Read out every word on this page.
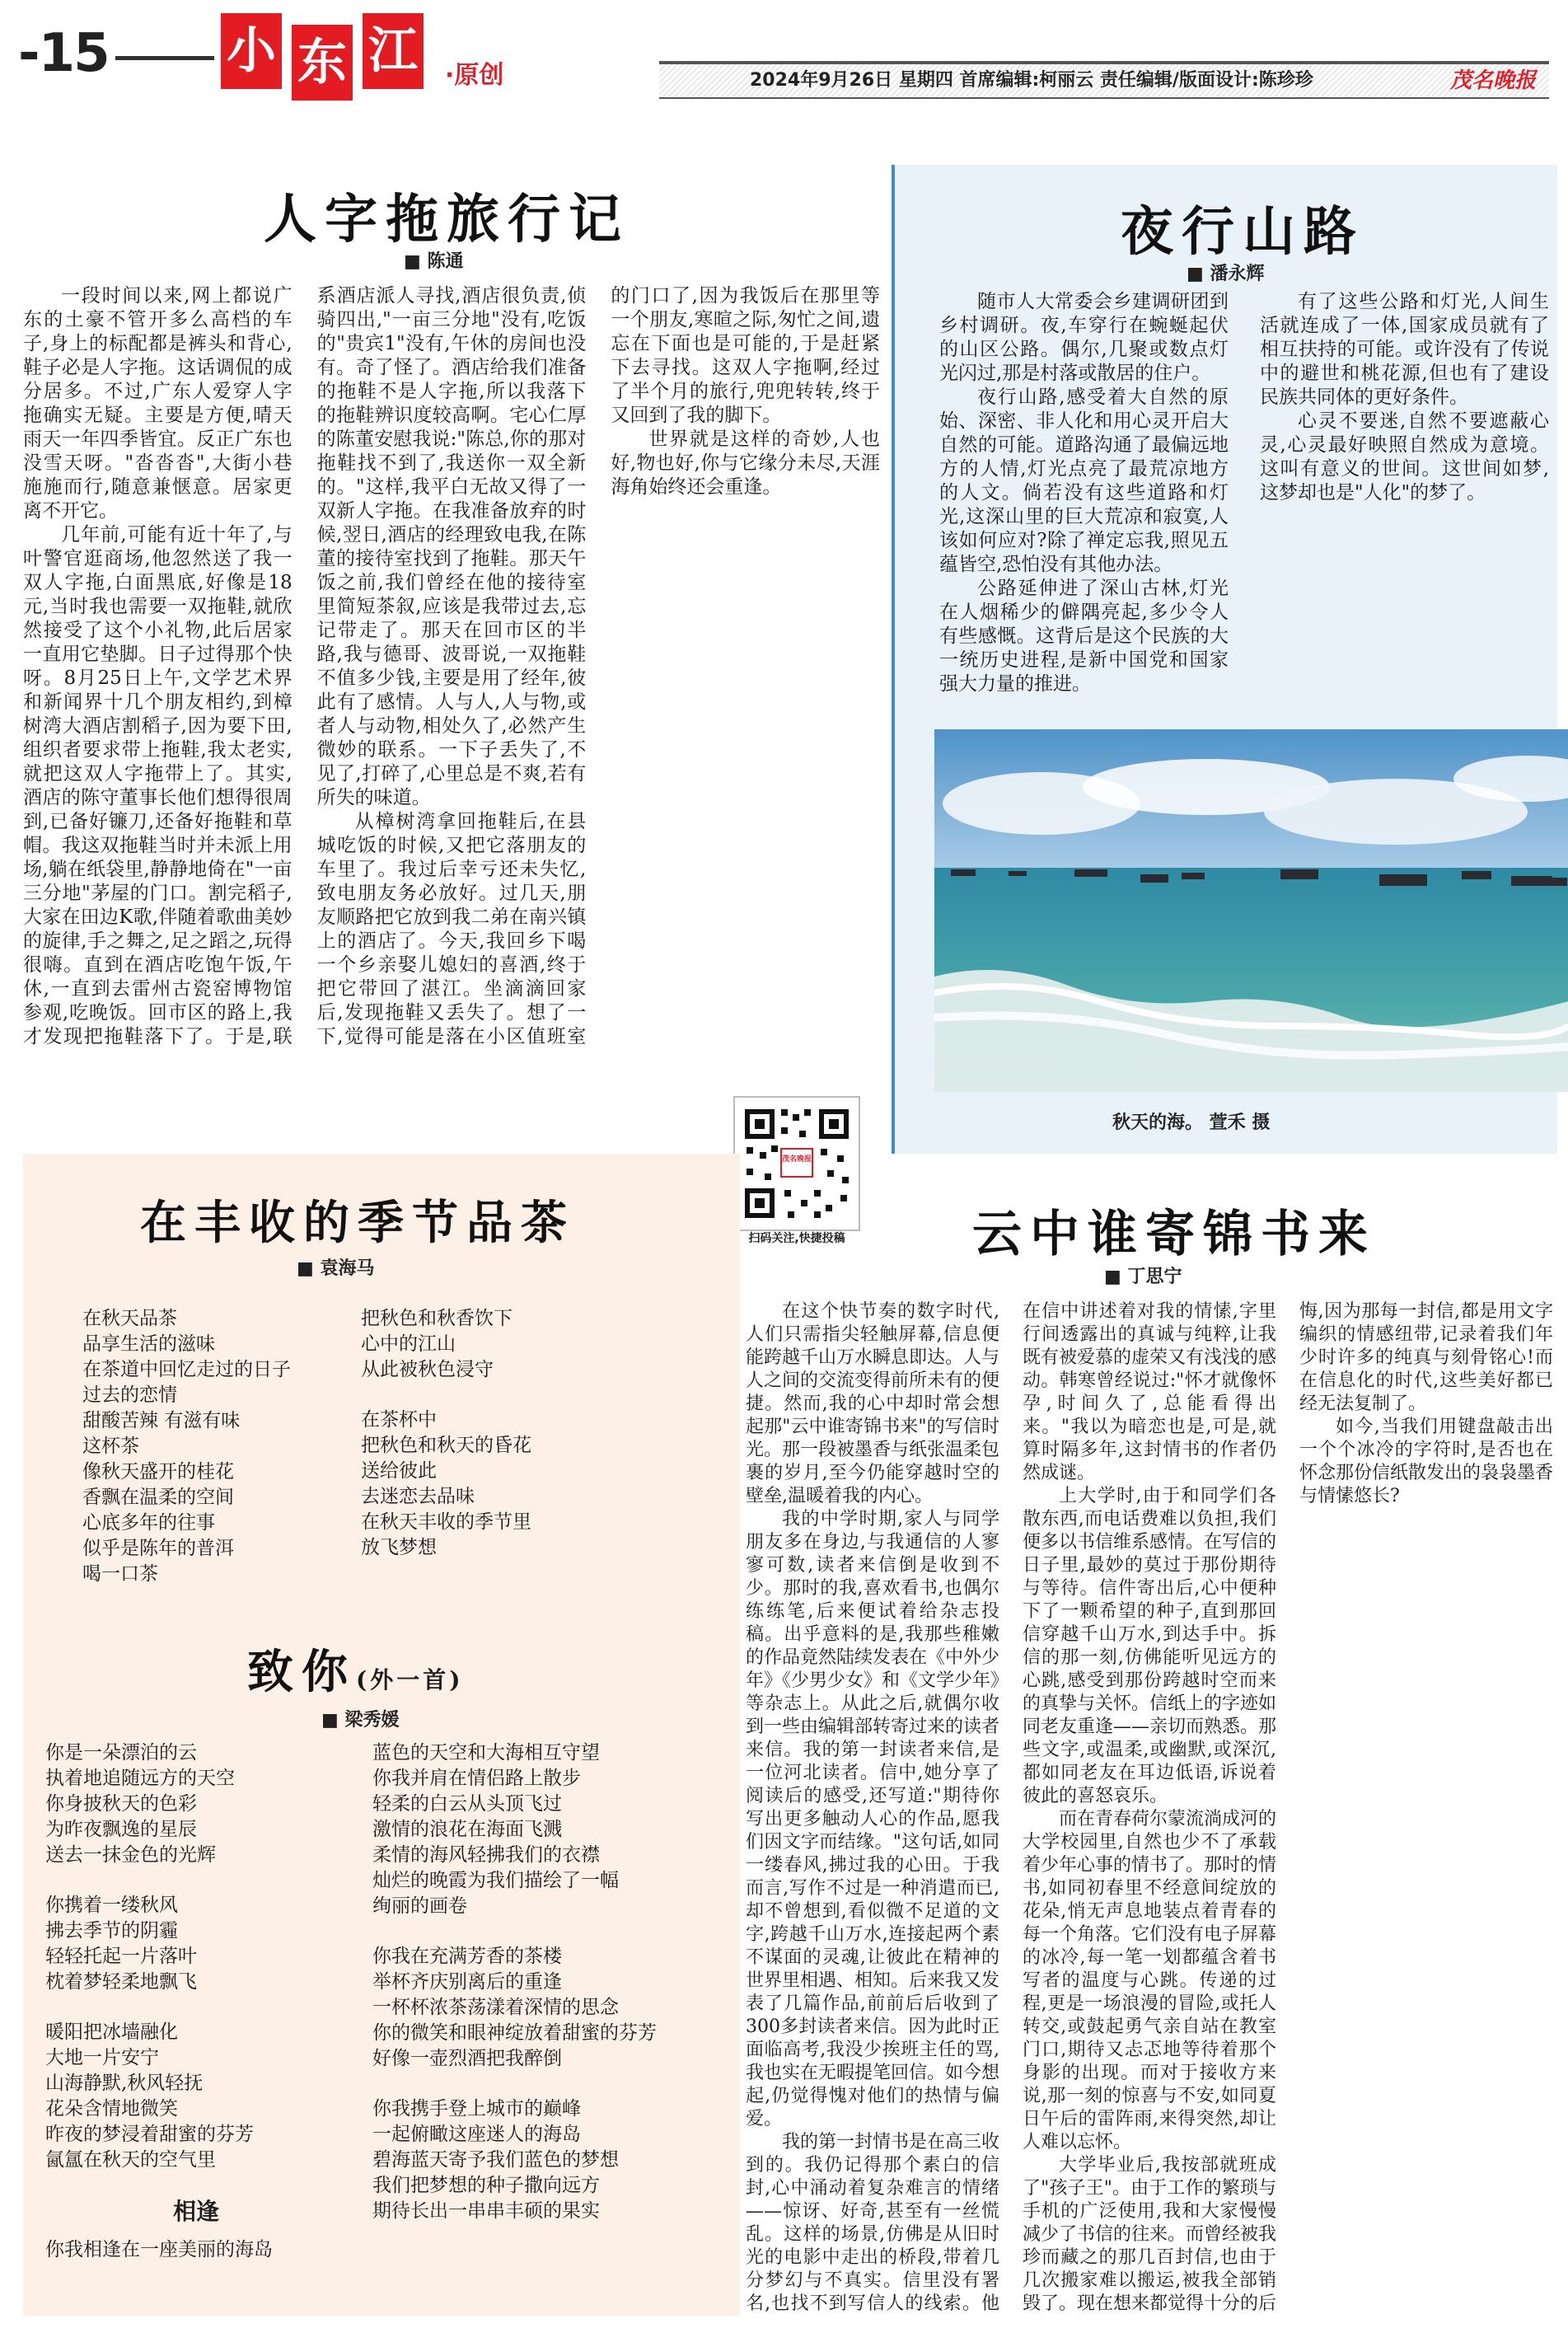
-15 小 东 江 ·原创	2024年9月26日 星期四 首席编辑:柯丽云 责任编辑/版面设计:陈珍珍	茂名晚报
人字拖旅行记
■ 陈通

一段时间以来,网上都说广东的土豪不管开多么高档的车子,身上的标配都是裤头和背心,鞋子必是人字拖。这话调侃的成分居多。不过,广东人爱穿人字拖确实无疑。主要是方便,晴天雨天一年四季皆宜。反正广东也没雪天呀。"沓沓沓",大街小巷施施而行,随意兼惬意。居家更离不开它。

几年前,可能有近十年了,与叶警官逛商场,他忽然送了我一双人字拖,白面黑底,好像是18元,当时我也需要一双拖鞋,就欣然接受了这个小礼物,此后居家一直用它垫脚。日子过得那个快呀。8月25日上午,文学艺术界和新闻界十几个朋友相约,到樟树湾大酒店割稻子,因为要下田,组织者要求带上拖鞋,我太老实,就把这双人字拖带上了。其实,酒店的陈守董事长他们想得很周到,已备好镰刀,还备好拖鞋和草帽。我这双拖鞋当时并未派上用场,躺在纸袋里,静静地倚在"一亩三分地"茅屋的门口。割完稻子,大家在田边K歌,伴随着歌曲美妙的旋律,手之舞之,足之蹈之,玩得很嗨。直到在酒店吃饱午饭,午休,一直到去雷州古瓷窑博物馆参观,吃晚饭。回市区的路上,我才发现把拖鞋落下了。于是,联系酒店派人寻找,酒店很负责,侦骑四出,"一亩三分地"没有,吃饭的"贵宾1"没有,午休的房间也没有。奇了怪了。酒店给我们准备的拖鞋不是人字拖,所以我落下的拖鞋辨识度较高啊。宅心仁厚的陈董安慰我说:"陈总,你的那对拖鞋找不到了,我送你一双全新的。"这样,我平白无故又得了一双新人字拖。在我准备放弃的时候,翌日,酒店的经理致电我,在陈董的接待室找到了拖鞋。那天午饭之前,我们曾经在他的接待室里简短茶叙,应该是我带过去,忘记带走了。那天在回市区的半路,我与德哥、波哥说,一双拖鞋不值多少钱,主要是用了经年,彼此有了感情。人与人,人与物,或者人与动物,相处久了,必然产生微妙的联系。一下子丢失了,不见了,打碎了,心里总是不爽,若有所失的味道。

从樟树湾拿回拖鞋后,在县城吃饭的时候,又把它落朋友的车里了。我过后幸亏还未失忆,致电朋友务必放好。过几天,朋友顺路把它放到我二弟在南兴镇上的酒店了。今天,我回乡下喝一个乡亲娶儿媳妇的喜酒,终于把它带回了湛江。坐滴滴回家后,发现拖鞋又丢失了。想了一下,觉得可能是落在小区值班室的门口了,因为我饭后在那里等一个朋友,寒暄之际,匆忙之间,遗忘在下面也是可能的,于是赶紧下去寻找。这双人字拖啊,经过了半个月的旅行,兜兜转转,终于又回到了我的脚下。

世界就是这样的奇妙,人也好,物也好,你与它缘分未尽,天涯海角始终还会重逢。

夜行山路
■ 潘永辉

随市人大常委会乡建调研团到乡村调研。夜,车穿行在蜿蜒起伏的山区公路。偶尔,几聚或数点灯光闪过,那是村落或散居的住户。

夜行山路,感受着大自然的原始、深密、非人化和用心灵开启大自然的可能。道路沟通了最偏远地方的人情,灯光点亮了最荒凉地方的人文。倘若没有这些道路和灯光,这深山里的巨大荒凉和寂寞,人该如何应对?除了禅定忘我,照见五蕴皆空,恐怕没有其他办法。

公路延伸进了深山古林,灯光在人烟稀少的僻隅亮起,多少令人有些感慨。这背后是这个民族的大一统历史进程,是新中国党和国家强大力量的推进。

有了这些公路和灯光,人间生活就连成了一体,国家成员就有了相互扶持的可能。或许没有了传说中的避世和桃花源,但也有了建设民族共同体的更好条件。

心灵不要迷,自然不要遮蔽心灵,心灵最好映照自然成为意境。这叫有意义的世间。这世间如梦,这梦却也是"人化"的梦了。

秋天的海。 萱禾 摄
茂名晚报
扫码关注,快捷投稿
在丰收的季节品茶
■ 袁海马

在秋天品茶

品享生活的滋味

在茶道中回忆走过的日子

过去的恋情

甜酸苦辣 有滋有味

这杯茶

像秋天盛开的桂花

香飘在温柔的空间

心底多年的往事

似乎是陈年的普洱

喝一口茶

把秋色和秋香饮下

心中的江山

从此被秋色浸守

在茶杯中

把秋色和秋天的昏花

送给彼此

去迷恋去品味

在秋天丰收的季节里

放飞梦想

致你(外一首)
■ 梁秀媛

你是一朵漂泊的云

执着地追随远方的天空

你身披秋天的色彩

为昨夜飘逸的星辰

送去一抹金色的光辉

你携着一缕秋风

拂去季节的阴霾

轻轻托起一片落叶

枕着梦轻柔地飘飞

暖阳把冰墙融化

大地一片安宁

山海静默,秋风轻抚

花朵含情地微笑

昨夜的梦浸着甜蜜的芬芳

氤氲在秋天的空气里

相逢
你我相逢在一座美丽的海岛

蓝色的天空和大海相互守望

你我并肩在情侣路上散步

轻柔的白云从头顶飞过

激情的浪花在海面飞溅

柔情的海风轻拂我们的衣襟

灿烂的晚霞为我们描绘了一幅

绚丽的画卷

你我在充满芳香的茶楼

举杯齐庆别离后的重逢

一杯杯浓茶荡漾着深情的思念

你的微笑和眼神绽放着甜蜜的芬芳

好像一壶烈酒把我醉倒

你我携手登上城市的巅峰

一起俯瞰这座迷人的海岛

碧海蓝天寄予我们蓝色的梦想

我们把梦想的种子撒向远方

期待长出一串串丰硕的果实

云中谁寄锦书来
■ 丁思宁

在这个快节奏的数字时代,人们只需指尖轻触屏幕,信息便能跨越千山万水瞬息即达。人与人之间的交流变得前所未有的便捷。然而,我的心中却时常会想起那"云中谁寄锦书来"的写信时光。那一段被墨香与纸张温柔包裹的岁月,至今仍能穿越时空的壁垒,温暖着我的内心。

我的中学时期,家人与同学朋友多在身边,与我通信的人寥寥可数,读者来信倒是收到不少。那时的我,喜欢看书,也偶尔练练笔,后来便试着给杂志投稿。出乎意料的是,我那些稚嫩的作品竟然陆续发表在《中外少年》《少男少女》和《文学少年》等杂志上。从此之后,就偶尔收到一些由编辑部转寄过来的读者来信。我的第一封读者来信,是一位河北读者。信中,她分享了阅读后的感受,还写道:"期待你写出更多触动人心的作品,愿我们因文字而结缘。"这句话,如同一缕春风,拂过我的心田。于我而言,写作不过是一种消遣而已,却不曾想到,看似微不足道的文字,跨越千山万水,连接起两个素不谋面的灵魂,让彼此在精神的世界里相遇、相知。后来我又发表了几篇作品,前前后后收到了300多封读者来信。因为此时正面临高考,我没少挨班主任的骂,我也实在无暇提笔回信。如今想起,仍觉得愧对他们的热情与偏爱。

我的第一封情书是在高三收到的。我仍记得那个素白的信封,心中涌动着复杂难言的情绪——惊讶、好奇,甚至有一丝慌乱。这样的场景,仿佛是从旧时光的电影中走出的桥段,带着几分梦幻与不真实。信里没有署名,也找不到写信人的线索。他在信中讲述着对我的情愫,字里行间透露出的真诚与纯粹,让我既有被爱慕的虚荣又有浅浅的感动。韩寒曾经说过:"怀才就像怀孕,时间久了,总能看得出来。"我以为暗恋也是,可是,就算时隔多年,这封情书的作者仍然成谜。

上大学时,由于和同学们各散东西,而电话费难以负担,我们便多以书信维系感情。在写信的日子里,最妙的莫过于那份期待与等待。信件寄出后,心中便种下了一颗希望的种子,直到那回信穿越千山万水,到达手中。拆信的那一刻,仿佛能听见远方的心跳,感受到那份跨越时空而来的真挚与关怀。信纸上的字迹如同老友重逢——亲切而熟悉。那些文字,或温柔,或幽默,或深沉,都如同老友在耳边低语,诉说着彼此的喜怒哀乐。

而在青春荷尔蒙流淌成河的大学校园里,自然也少不了承载着少年心事的情书了。那时的情书,如同初春里不经意间绽放的花朵,悄无声息地装点着青春的每一个角落。它们没有电子屏幕的冰冷,每一笔一划都蕴含着书写者的温度与心跳。传递的过程,更是一场浪漫的冒险,或托人转交,或鼓起勇气亲自站在教室门口,期待又忐忑地等待着那个身影的出现。而对于接收方来说,那一刻的惊喜与不安,如同夏日午后的雷阵雨,来得突然,却让人难以忘怀。

大学毕业后,我按部就班成了"孩子王"。由于工作的繁琐与手机的广泛使用,我和大家慢慢减少了书信的往来。而曾经被我珍而藏之的那几百封信,也由于几次搬家难以搬运,被我全部销毁了。现在想来都觉得十分的后悔,因为那每一封信,都是用文字编织的情感纽带,记录着我们年少时许多的纯真与刻骨铭心!而在信息化的时代,这些美好都已经无法复制了。

如今,当我们用键盘敲击出一个个冰冷的字符时,是否也在怀念那份信纸散发出的袅袅墨香与情愫悠长?
